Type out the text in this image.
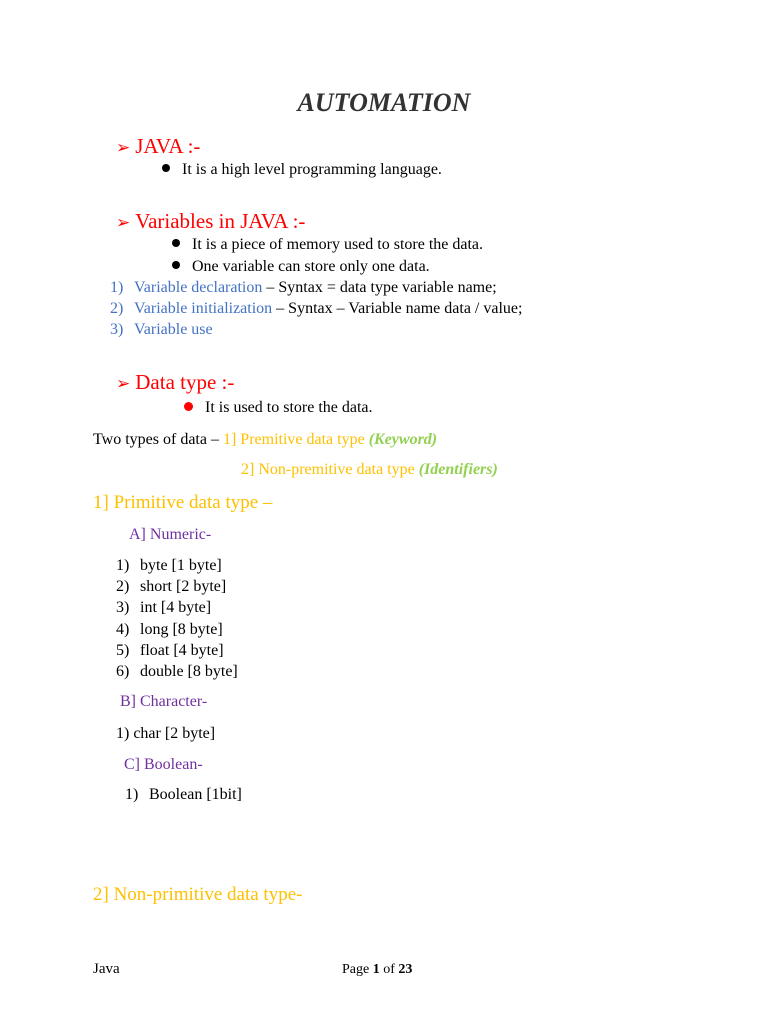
AUTOMATION
➢ JAVA :-
It is a high level programming language.
➢ Variables in JAVA :-
It is a piece of memory used to store the data.
One variable can store only one data.
1) Variable declaration – Syntax = data type variable name;
2) Variable initialization – Syntax – Variable name data / value;
3) Variable use
➢ Data type :-
It is used to store the data.
Two types of data – 1] Premitive data type (Keyword)
2] Non-premitive data type (Identifiers)
1] Primitive data type –
A] Numeric-
1) byte [1 byte]
2) short [2 byte]
3) int [4 byte]
4) long [8 byte]
5) float [4 byte]
6) double [8 byte]
B] Character-
1) char [2 byte]
C] Boolean-
1) Boolean [1bit]
2] Non-primitive data type-
Java	Page 1 of 23
